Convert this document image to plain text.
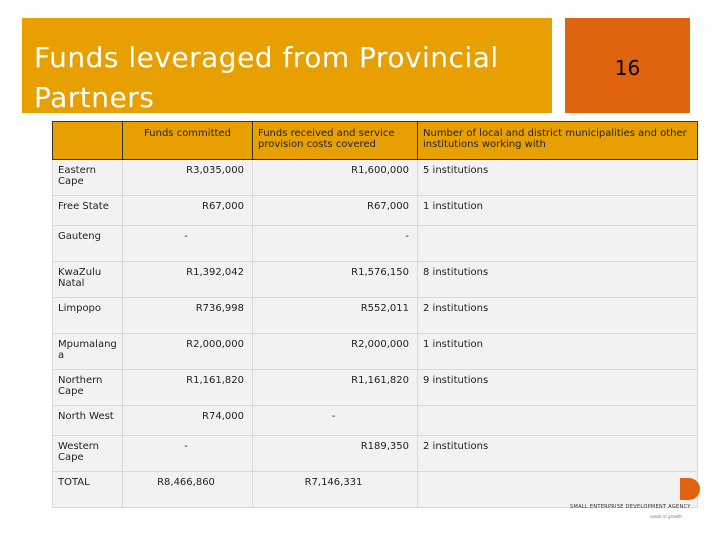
Funds leveraged from Provincial
Partners
16
	Funds committed	Funds received and service provision costs covered	Number of local and district municipalities and other institutions working with
Eastern Cape	R3,035,000	R1,600,000	5 institutions
Free State	R67,000	R67,000	1 institution
Gauteng	-	-	
KwaZulu Natal	R1,392,042	R1,576,150	8 institutions
Limpopo	R736,998	R552,011	2 institutions
Mpumalang a	R2,000,000	R2,000,000	1 institution
Northern Cape	R1,161,820	R1,161,820	9 institutions
North West	R74,000	-	
Western Cape	-	R189,350	2 institutions
TOTAL	R8,466,860	R7,146,331	
SMALL ENTERPRISE DEVELOPMENT AGENCY
seeds of growth
